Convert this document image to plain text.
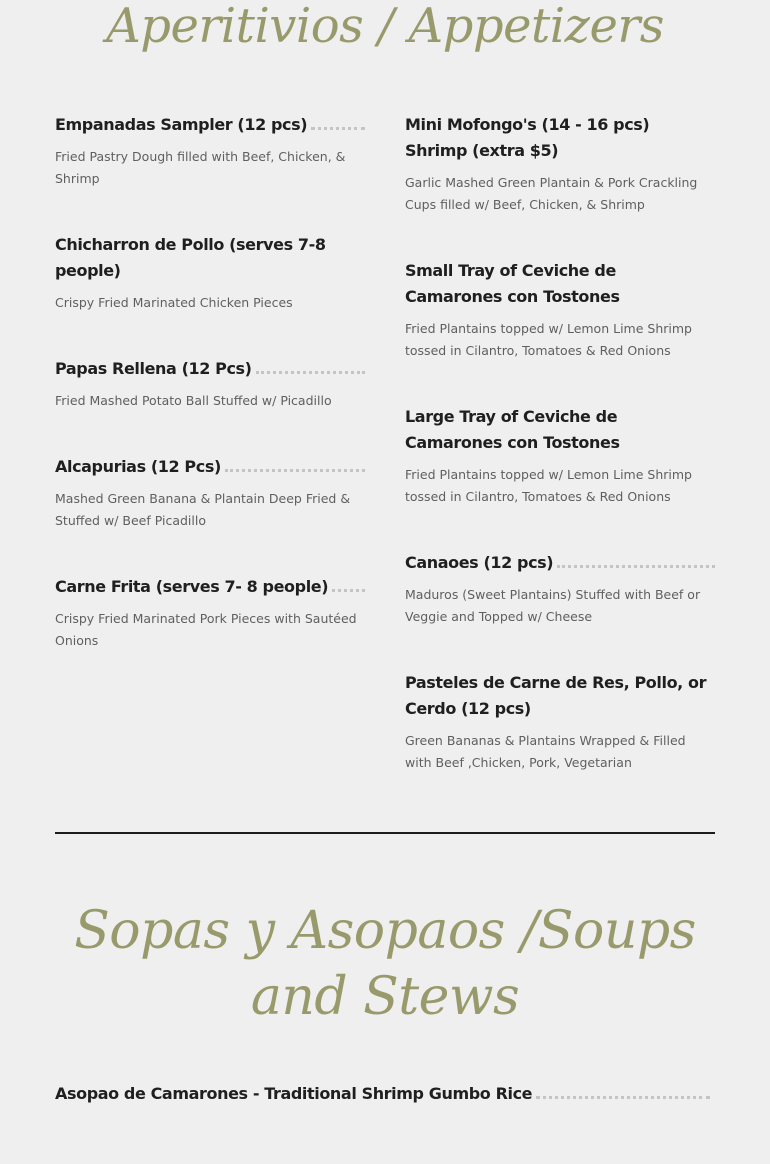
Aperitivios / Appetizers
Empanadas Sampler (12 pcs)
Fried Pastry Dough filled with Beef, Chicken, & Shrimp
Chicharron de Pollo (serves 7-8 people)
Crispy Fried Marinated Chicken Pieces
Papas Rellena (12 Pcs)
Fried Mashed Potato Ball Stuffed w/ Picadillo
Alcapurias (12 Pcs)
Mashed Green Banana & Plantain Deep Fried & Stuffed w/ Beef Picadillo
Carne Frita (serves 7- 8 people)
Crispy Fried Marinated Pork Pieces with Sautéed Onions
Mini Mofongo's (14 - 16 pcs) Shrimp (extra $5)
Garlic Mashed Green Plantain & Pork Crackling Cups filled w/ Beef, Chicken, & Shrimp
Small Tray of Ceviche de Camarones con Tostones
Fried Plantains topped w/ Lemon Lime Shrimp tossed in Cilantro, Tomatoes & Red Onions
Large Tray of Ceviche de Camarones con Tostones
Fried Plantains topped w/ Lemon Lime Shrimp tossed in Cilantro, Tomatoes & Red Onions
Canaoes (12 pcs)
Maduros (Sweet Plantains) Stuffed with Beef or Veggie and Topped w/ Cheese
Pasteles de Carne de Res, Pollo, or Cerdo (12 pcs)
Green Bananas & Plantains Wrapped & Filled with Beef ,Chicken, Pork, Vegetarian
Sopas y Asopaos /Soups and Stews
Asopao de Camarones - Traditional Shrimp Gumbo Rice
